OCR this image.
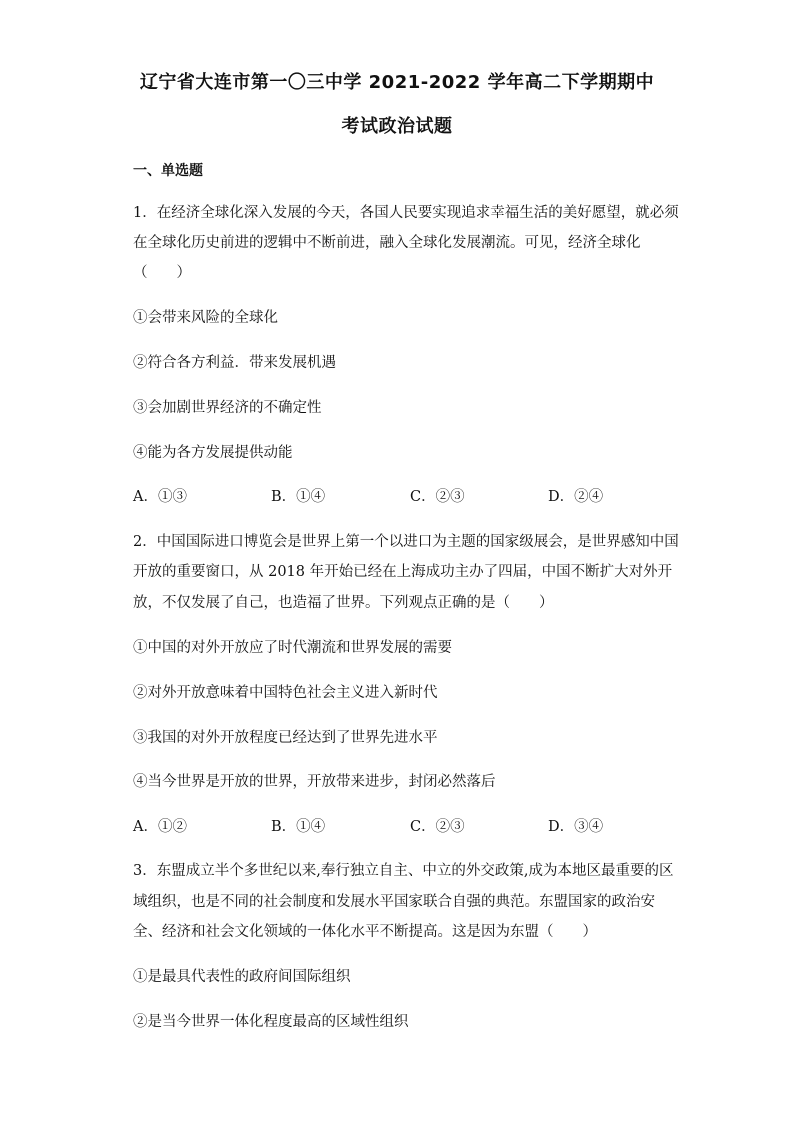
辽宁省大连市第一〇三中学 2021-2022 学年高二下学期期中
考试政治试题
一、单选题
1．在经济全球化深入发展的今天，各国人民要实现追求幸福生活的美好愿望，就必须
在全球化历史前进的逻辑中不断前进，融入全球化发展潮流。可见，经济全球化
（　　）
①会带来风险的全球化
②符合各方利益．带来发展机遇
③会加剧世界经济的不确定性
④能为各方发展提供动能
A．①③	B．①④	C．②③	D．②④
2．中国国际进口博览会是世界上第一个以进口为主题的国家级展会，是世界感知中国
开放的重要窗口，从 2018 年开始已经在上海成功主办了四届，中国不断扩大对外开
放，不仅发展了自己，也造福了世界。下列观点正确的是（　　）
①中国的对外开放应了时代潮流和世界发展的需要
②对外开放意味着中国特色社会主义进入新时代
③我国的对外开放程度已经达到了世界先进水平
④当今世界是开放的世界，开放带来进步，封闭必然落后
A．①②	B．①④	C．②③	D．③④
3．东盟成立半个多世纪以来,奉行独立自主、中立的外交政策,成为本地区最重要的区
域组织，也是不同的社会制度和发展水平国家联合自强的典范。东盟国家的政治安
全、经济和社会文化领域的一体化水平不断提高。这是因为东盟（　　）
①是最具代表性的政府间国际组织
②是当今世界一体化程度最高的区域性组织
